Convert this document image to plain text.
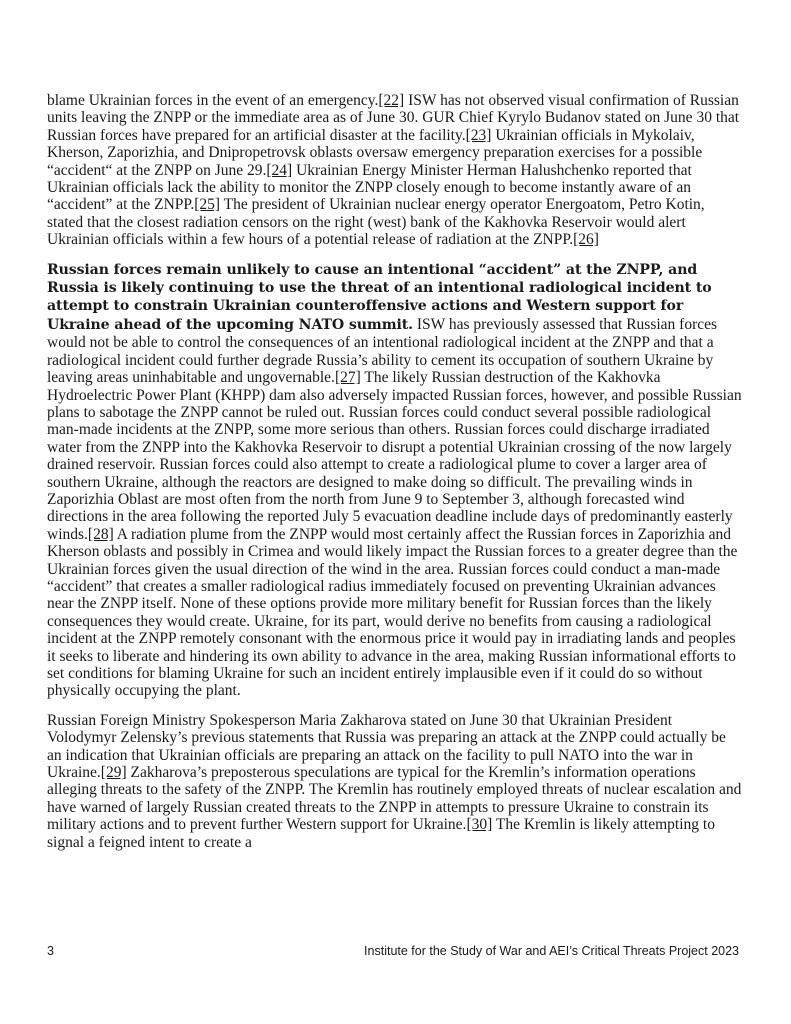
blame Ukrainian forces in the event of an emergency.[22] ISW has not observed visual confirmation of Russian units leaving the ZNPP or the immediate area as of June 30. GUR Chief Kyrylo Budanov stated on June 30 that Russian forces have prepared for an artificial disaster at the facility.[23] Ukrainian officials in Mykolaiv, Kherson, Zaporizhia, and Dnipropetrovsk oblasts oversaw emergency preparation exercises for a possible “accident“ at the ZNPP on June 29.[24] Ukrainian Energy Minister Herman Halushchenko reported that Ukrainian officials lack the ability to monitor the ZNPP closely enough to become instantly aware of an “accident” at the ZNPP.[25] The president of Ukrainian nuclear energy operator Energoatom, Petro Kotin, stated that the closest radiation censors on the right (west) bank of the Kakhovka Reservoir would alert Ukrainian officials within a few hours of a potential release of radiation at the ZNPP.[26]

Russian forces remain unlikely to cause an intentional “accident” at the ZNPP, and Russia is likely continuing to use the threat of an intentional radiological incident to attempt to constrain Ukrainian counteroffensive actions and Western support for Ukraine ahead of the upcoming NATO summit. ISW has previously assessed that Russian forces would not be able to control the consequences of an intentional radiological incident at the ZNPP and that a radiological incident could further degrade Russia’s ability to cement its occupation of southern Ukraine by leaving areas uninhabitable and ungovernable.[27] The likely Russian destruction of the Kakhovka Hydroelectric Power Plant (KHPP) dam also adversely impacted Russian forces, however, and possible Russian plans to sabotage the ZNPP cannot be ruled out. Russian forces could conduct several possible radiological man-made incidents at the ZNPP, some more serious than others. Russian forces could discharge irradiated water from the ZNPP into the Kakhovka Reservoir to disrupt a potential Ukrainian crossing of the now largely drained reservoir. Russian forces could also attempt to create a radiological plume to cover a larger area of southern Ukraine, although the reactors are designed to make doing so difficult. The prevailing winds in Zaporizhia Oblast are most often from the north from June 9 to September 3, although forecasted wind directions in the area following the reported July 5 evacuation deadline include days of predominantly easterly winds.[28] A radiation plume from the ZNPP would most certainly affect the Russian forces in Zaporizhia and Kherson oblasts and possibly in Crimea and would likely impact the Russian forces to a greater degree than the Ukrainian forces given the usual direction of the wind in the area. Russian forces could conduct a man-made “accident” that creates a smaller radiological radius immediately focused on preventing Ukrainian advances near the ZNPP itself. None of these options provide more military benefit for Russian forces than the likely consequences they would create. Ukraine, for its part, would derive no benefits from causing a radiological incident at the ZNPP remotely consonant with the enormous price it would pay in irradiating lands and peoples it seeks to liberate and hindering its own ability to advance in the area, making Russian informational efforts to set conditions for blaming Ukraine for such an incident entirely implausible even if it could do so without physically occupying the plant.

Russian Foreign Ministry Spokesperson Maria Zakharova stated on June 30 that Ukrainian President Volodymyr Zelensky’s previous statements that Russia was preparing an attack at the ZNPP could actually be an indication that Ukrainian officials are preparing an attack on the facility to pull NATO into the war in Ukraine.[29] Zakharova’s preposterous speculations are typical for the Kremlin’s information operations alleging threats to the safety of the ZNPP. The Kremlin has routinely employed threats of nuclear escalation and have warned of largely Russian created threats to the ZNPP in attempts to pressure Ukraine to constrain its military actions and to prevent further Western support for Ukraine.[30] The Kremlin is likely attempting to signal a feigned intent to create a

3	Institute for the Study of War and AEI’s Critical Threats Project 2023
